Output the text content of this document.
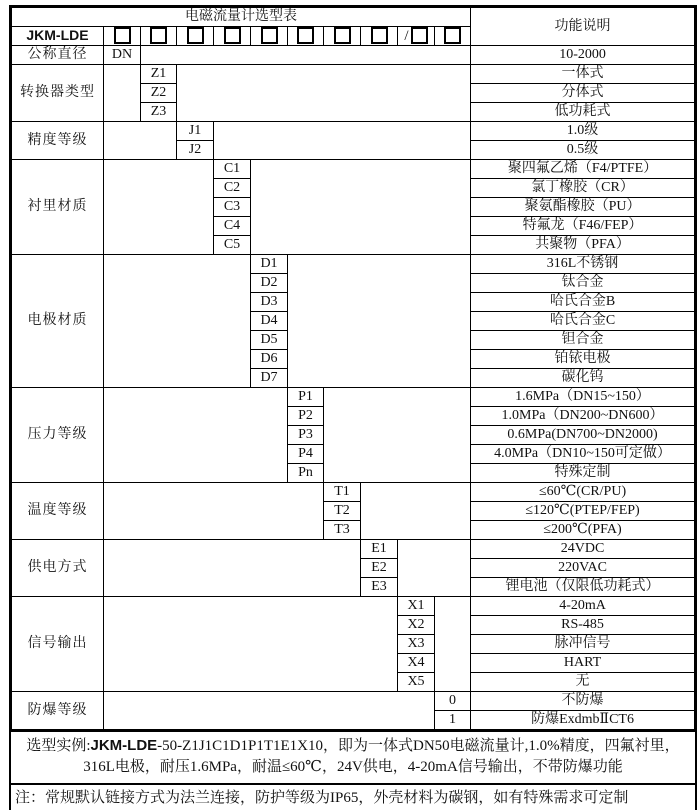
电磁流量计选型表											功能说明
JKM-LDE									/		
公称直径	DN										10-2000
转换器类型		Z1									一体式
		Z2									分体式
		Z3									低功耗式
精度等级			J1								1.0级
			J2								0.5级
衬里材质				C1							聚四氟乙烯（F4/PTFE）
				C2							氯丁橡胶（CR）
				C3							聚氨酯橡胶（PU）
				C4							特氟龙（F46/FEP）
				C5							共聚物（PFA）
电极材质					D1						316L不锈钢
					D2						钛合金
					D3						哈氏合金B
					D4						哈氏合金C
					D5						钽合金
					D6						铂铱电极
					D7						碳化钨
压力等级						P1					1.6MPa（DN15~150）
						P2					1.0MPa（DN200~DN600）
						P3					0.6MPa(DN700~DN2000)
						P4					4.0MPa（DN10~150可定做）
						Pn					特殊定制
温度等级							T1				≤60℃(CR/PU)
							T2				≤120℃(PTEP/FEP)
							T3				≤200℃(PFA)
供电方式								E1			24VDC
								E2			220VAC
								E3			锂电池（仅限低功耗式）
信号输出									X1		4-20mA
									X2		RS-485
									X3		脉冲信号
									X4		HART
									X5		无
防爆等级										0	不防爆
										1	防爆ExdmbⅡCT6
选型实例:JKM-LDE-50-Z1J1C1D1P1T1E1X10，即为一体式DN50电磁流量计,1.0%精度，四氟衬里，316L电极，耐压1.6MPa，耐温≤60℃，24V供电，4-20mA信号输出，不带防爆功能
注：常规默认链接方式为法兰连接，防护等级为IP65，外壳材料为碳钢，如有特殊需求可定制
